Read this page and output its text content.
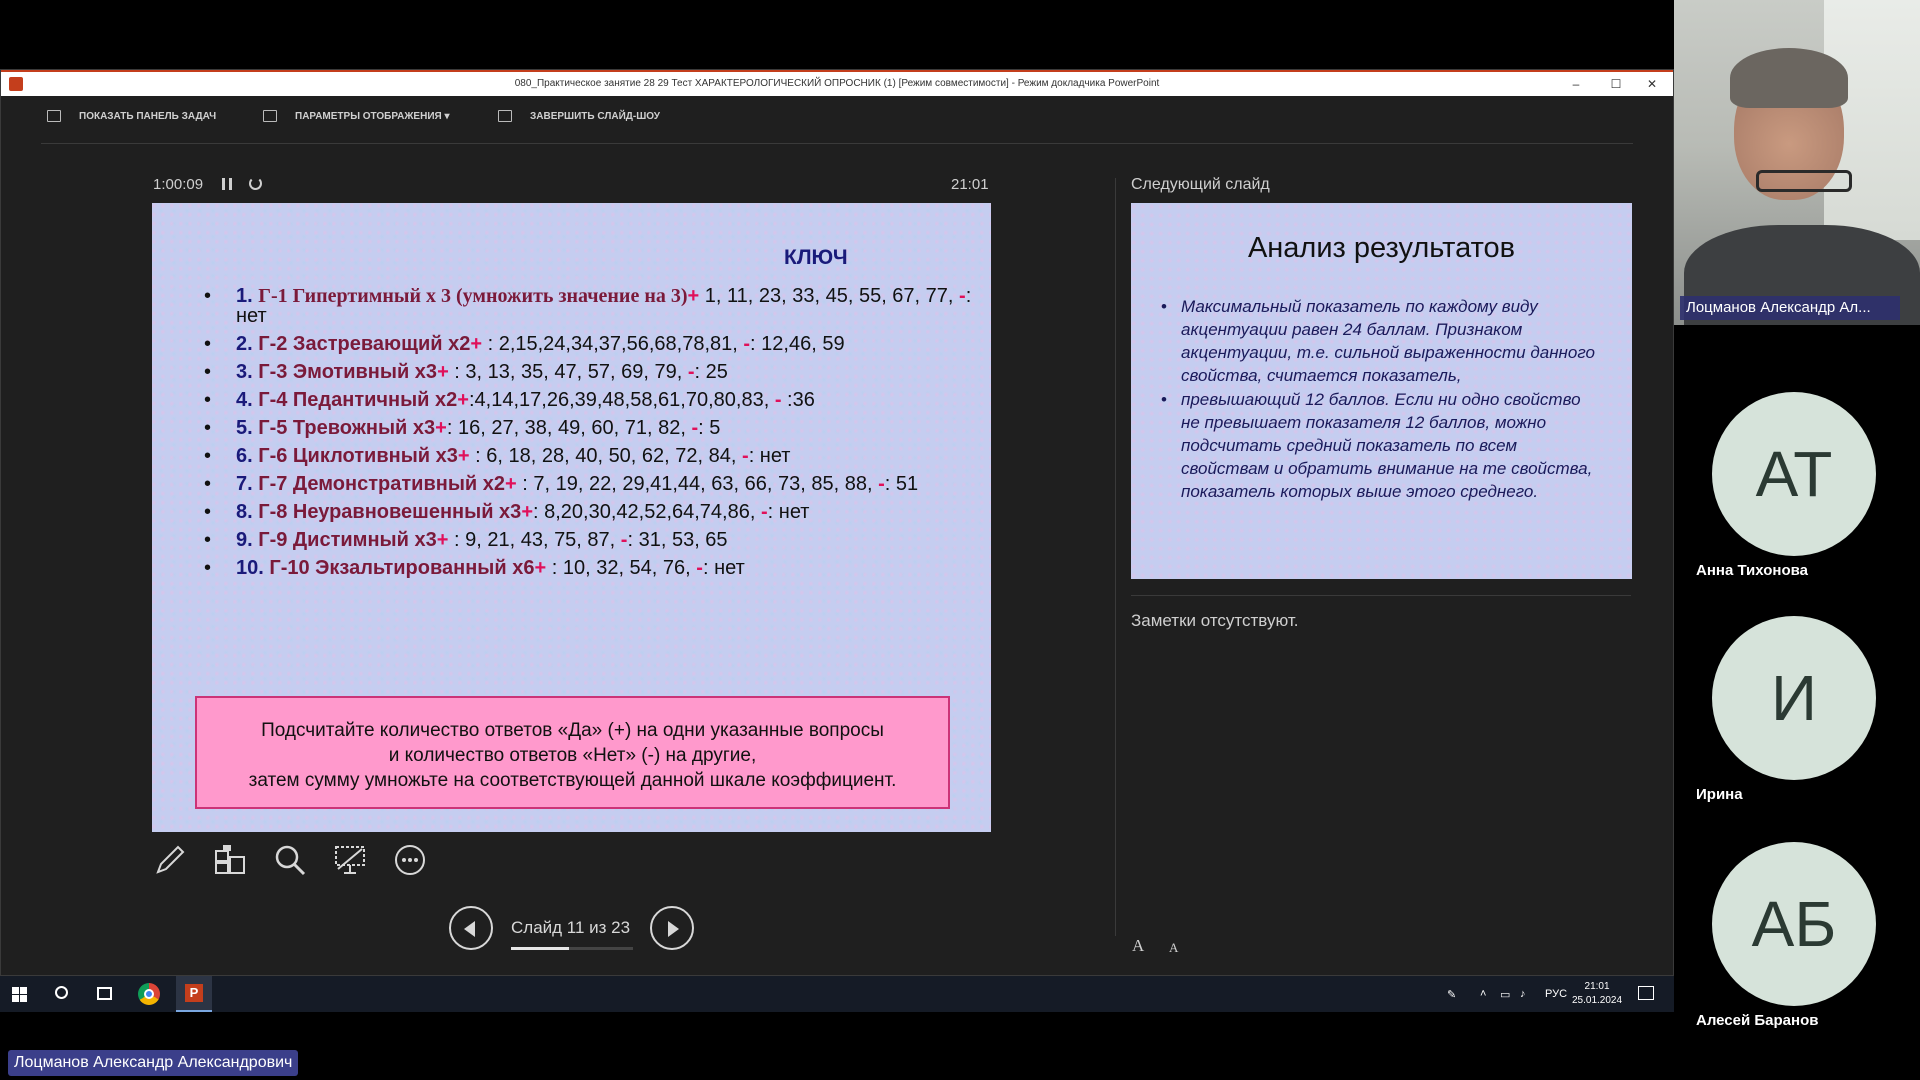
080_Практическое занятие 28 29 Тест ХАРАКТЕРОЛОГИЧЕСКИЙ ОПРОСНИК (1) [Режим совместимости] - Режим докладчика PowerPoint	–	☐	✕
ПОКАЗАТЬ ПАНЕЛЬ ЗАДАЧ	ПАРАМЕТРЫ ОТОБРАЖЕНИЯ ▾	ЗАВЕРШИТЬ СЛАЙД-ШОУ
1:00:09	21:01
КЛЮЧ
• 1. Г-1 Гипертимный х 3 (умножить значение на 3)+ 1, 11, 23, 33, 45, 55, 67, 77, -: нет
• 2. Г-2 Застревающий х2+ : 2,15,24,34,37,56,68,78,81, -: 12,46, 59
• 3. Г-3 Эмотивный х3+ : 3, 13, 35, 47, 57, 69, 79, -: 25
• 4. Г-4 Педантичный х2+:4,14,17,26,39,48,58,61,70,80,83, - :36
• 5. Г-5 Тревожный х3+: 16, 27, 38, 49, 60, 71, 82, -: 5
• 6. Г-6 Циклотивный х3+ : 6, 18, 28, 40, 50, 62, 72, 84, -: нет
• 7. Г-7 Демонстративный х2+ : 7, 19, 22, 29,41,44, 63, 66, 73, 85, 88, -: 51
• 8. Г-8 Неуравновешенный х3+: 8,20,30,42,52,64,74,86, -: нет
• 9. Г-9 Дистимный х3+ : 9, 21, 43, 75, 87, -: 31, 53, 65
• 10. Г-10 Экзальтированный х6+ : 10, 32, 54, 76, -: нет
Подсчитайте количество ответов «Да» (+) на одни указанные вопросы
и количество ответов «Нет» (-) на другие,
затем сумму умножьте на соответствующей данной шкале коэффициент.
Слайд 11 из 23
Следующий слайд
Анализ результатов
• Максимальный показатель по каждому виду акцентуации равен 24 баллам. Признаком акцентуации, т.е. сильной выраженности данного свойства, считается показатель,
• превышающий 12 баллов. Если ни одно свойство не превышает показателя 12 баллов, можно подсчитать средний показатель по всем свойствам и обратить внимание на те свойства, показатель которых выше этого среднего.
Заметки отсутствуют.
A A
P
✎ ˄ ▭ ♪ РУС
21:01
25.01.2024
Лоцманов Александр Александрович
Лоцманов Александр Ал...
АТ
Анна Тихонова
И
Ирина
АБ
Алесей Баранов
